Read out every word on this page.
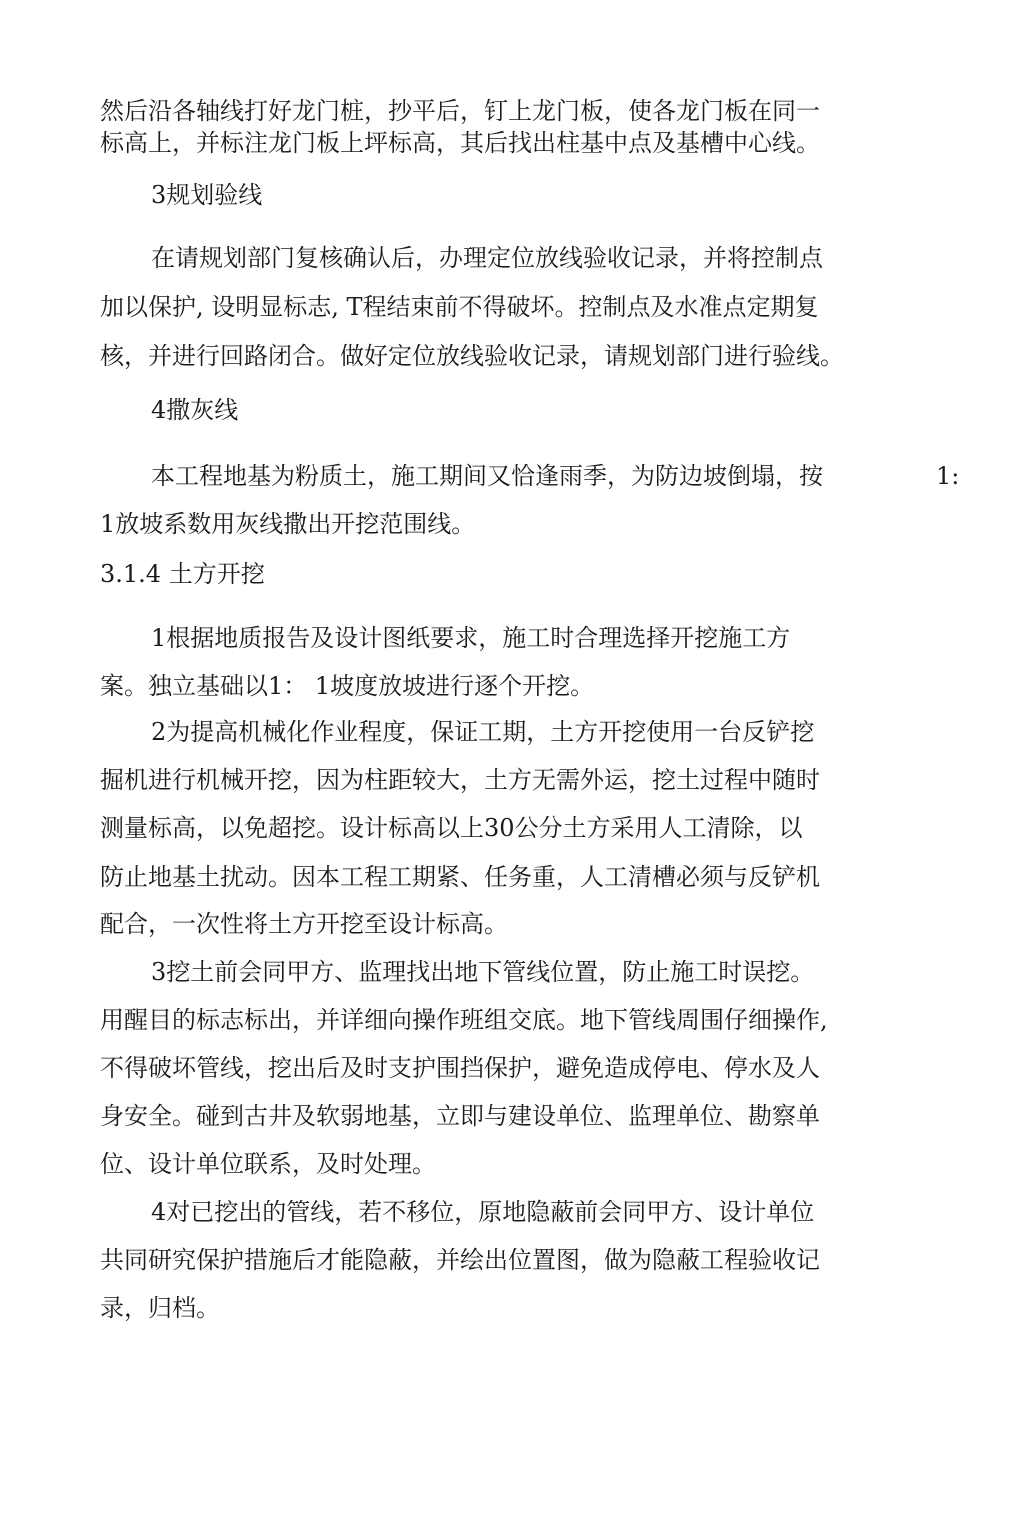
然后沿各轴线打好龙门桩，抄平后，钉上龙门板，使各龙门板在同一
标高上，并标注龙门板上坪标高，其后找出柱基中点及基槽中心线。
3规划验线
在请规划部门复核确认后，办理定位放线验收记录，并将控制点
加以保护, 设明显标志, T程结束前不得破坏。控制点及水准点定期复
核，并进行回路闭合。做好定位放线验收记录，请规划部门进行验线。
4撒灰线
本工程地基为粉质土，施工期间又恰逢雨季，为防边坡倒塌，按	1:
1放坡系数用灰线撒出开挖范围线。
3.1.4 土方开挖
1根据地质报告及设计图纸要求，施工时合理选择开挖施工方
案。独立基础以1： 1坡度放坡进行逐个开挖。
2为提高机械化作业程度，保证工期，土方开挖使用一台反铲挖
掘机进行机械开挖，因为柱距较大，土方无需外运，挖土过程中随时
测量标高，以免超挖。设计标高以上30公分土方采用人工清除，以
防止地基土扰动。因本工程工期紧、任务重，人工清槽必须与反铲机
配合，一次性将土方开挖至设计标高。
3挖土前会同甲方、监理找出地下管线位置，防止施工时误挖。
用醒目的标志标出，并详细向操作班组交底。地下管线周围仔细操作,
不得破坏管线，挖出后及时支护围挡保护，避免造成停电、停水及人
身安全。碰到古井及软弱地基，立即与建设单位、监理单位、勘察单
位、设计单位联系，及时处理。
4对已挖出的管线，若不移位，原地隐蔽前会同甲方、设计单位
共同研究保护措施后才能隐蔽，并绘出位置图，做为隐蔽工程验收记
录，归档。
